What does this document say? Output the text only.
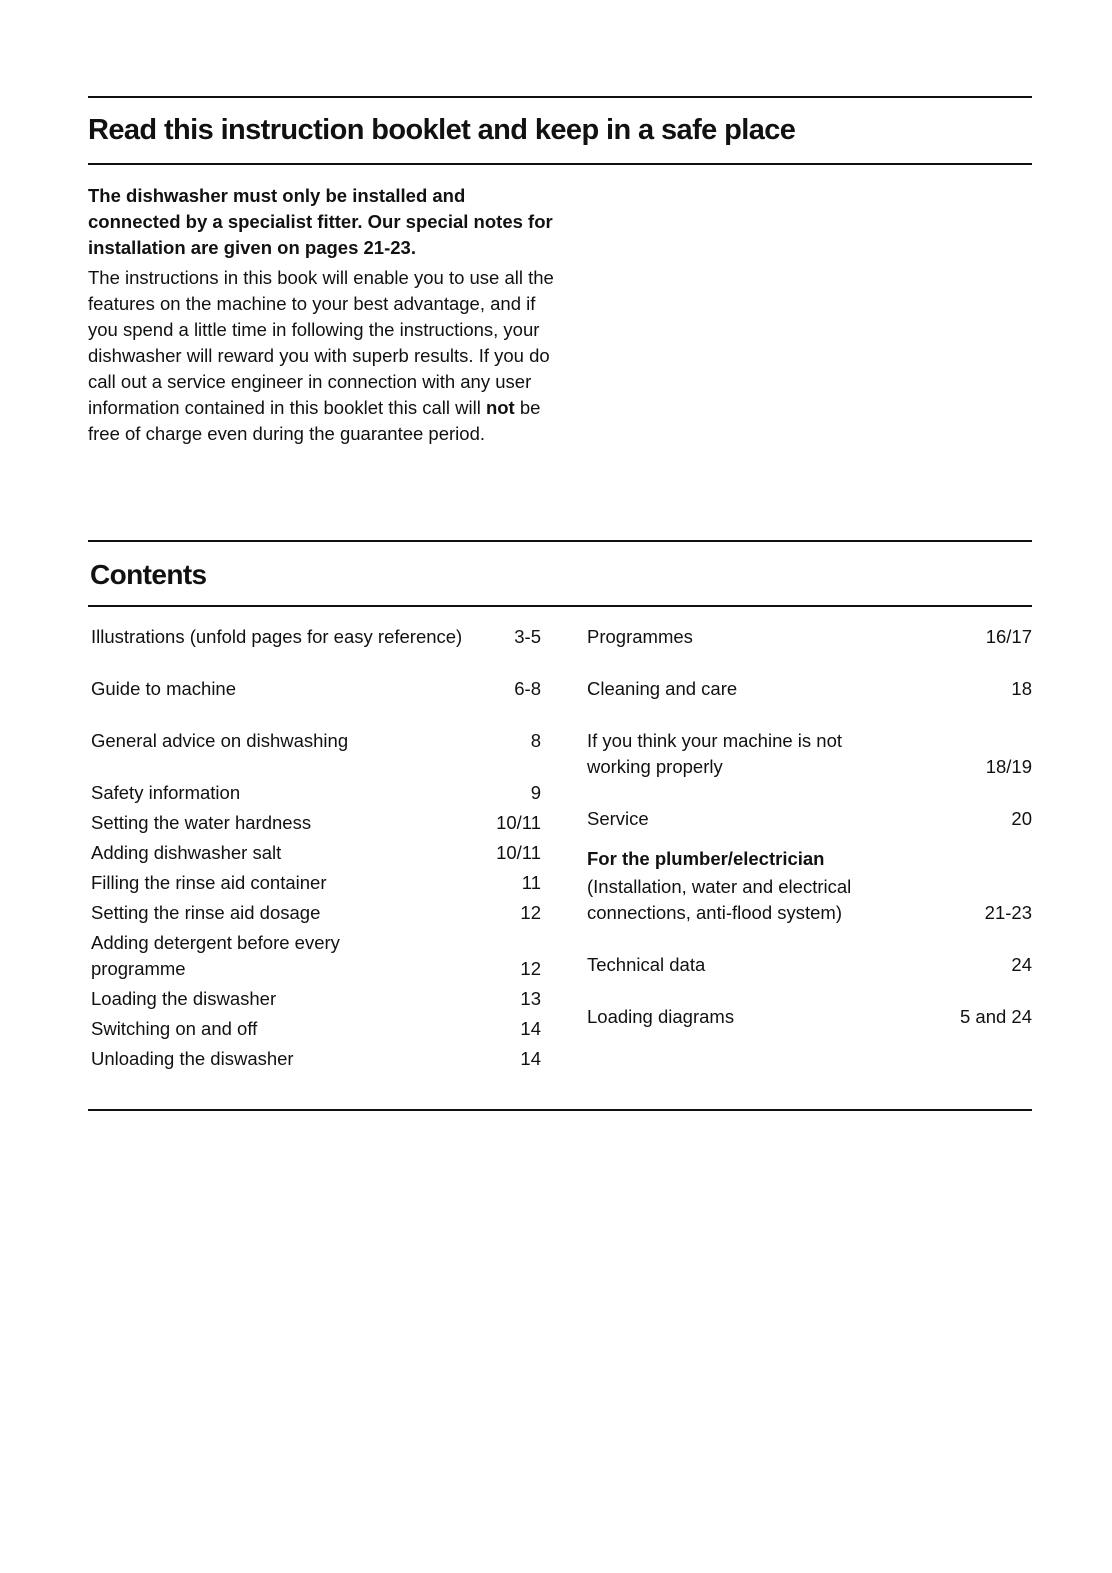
Read this instruction booklet and keep in a safe place

The dishwasher must only be installed and connected by a specialist fitter. Our special notes for installation are given on pages 21-23.

The instructions in this book will enable you to use all the features on the machine to your best advantage, and if you spend a little time in following the instructions, your dishwasher will reward you with superb results. If you do call out a service engineer in connection with any user information contained in this booklet this call will not be free of charge even during the guarantee period.

Contents
Illustrations (unfold pages for easy reference)	3-5
Guide to machine	6-8
General advice on dishwashing	8
Safety information	9
Setting the water hardness	10/11
Adding dishwasher salt	10/11
Filling the rinse aid container	11
Setting the rinse aid dosage	12
Adding detergent before every programme	12
Loading the diswasher	13
Switching on and off	14
Unloading the diswasher	14
Programmes	16/17
Cleaning and care	18
If you think your machine is not working properly	18/19
Service	20
For the plumber/electrician
(Installation, water and electrical connections, anti-flood system)	21-23
Technical data	24
Loading diagrams	5 and 24
